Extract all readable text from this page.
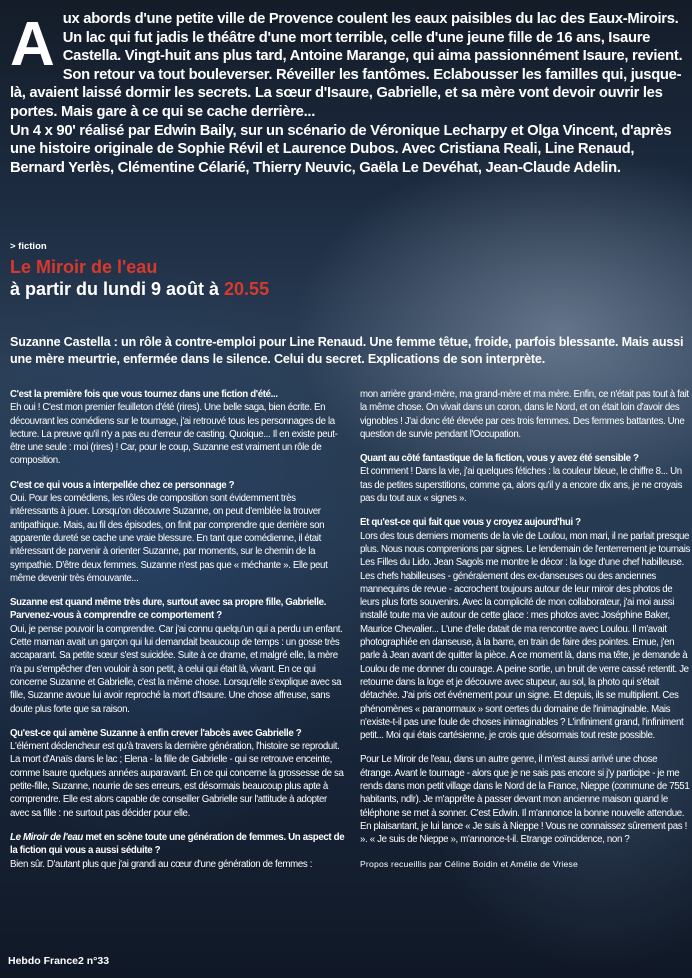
A ux abords d'une petite ville de Provence coulent les eaux paisibles du lac des Eaux-Miroirs. Un lac qui fut jadis le théâtre d'une mort terrible, celle d'une jeune fille de 16 ans, Isaure Castella. Vingt-huit ans plus tard, Antoine Marange, qui aima passionnément Isaure, revient. Son retour va tout bouleverser. Réveiller les fantômes. Eclabousser les familles qui, jusque-là, avaient laissé dormir les secrets. La sœur d'Isaure, Gabrielle, et sa mère vont devoir ouvrir les portes. Mais gare à ce qui se cache derrière...
Un 4 x 90' réalisé par Edwin Baily, sur un scénario de Véronique Lecharpy et Olga Vincent, d'après une histoire originale de Sophie Révil et Laurence Dubos. Avec Cristiana Reali, Line Renaud, Bernard Yerlès, Clémentine Célarié, Thierry Neuvic, Gaëla Le Devéhat, Jean-Claude Adelin.

> fiction

Le Miroir de l'eau

à partir du lundi 9 août à 20.55

Suzanne Castella : un rôle à contre-emploi pour Line Renaud. Une femme têtue, froide, parfois blessante. Mais aussi une mère meurtrie, enfermée dans le silence. Celui du secret. Explications de son interprète.

C'est la première fois que vous tournez dans une fiction d'été...
Eh oui ! C'est mon premier feuilleton d'été (rires). Une belle saga, bien écrite. En découvrant les comédiens sur le tournage, j'ai retrouvé tous les personnages de la lecture. La preuve qu'il n'y a pas eu d'erreur de casting. Quoique... Il en existe peut-être une seule : moi (rires) ! Car, pour le coup, Suzanne est vraiment un rôle de composition.

C'est ce qui vous a interpellée chez ce personnage ?
Oui. Pour les comédiens, les rôles de composition sont évidemment très intéressants à jouer. Lorsqu'on découvre Suzanne, on peut d'emblée la trouver antipathique. Mais, au fil des épisodes, on finit par comprendre que derrière son apparente dureté se cache une vraie blessure. En tant que comédienne, il était intéressant de parvenir à orienter Suzanne, par moments, sur le chemin de la sympathie. D'être deux femmes. Suzanne n'est pas que « méchante ». Elle peut même devenir très émouvante...

Suzanne est quand même très dure, surtout avec sa propre fille, Gabrielle. Parvenez-vous à comprendre ce comportement ?
Oui, je pense pouvoir la comprendre. Car j'ai connu quelqu'un qui a perdu un enfant. Cette maman avait un garçon qui lui demandait beaucoup de temps : un gosse très accaparant. Sa petite sœur s'est suicidée. Suite à ce drame, et malgré elle, la mère n'a pu s'empêcher d'en vouloir à son petit, à celui qui était là, vivant. En ce qui concerne Suzanne et Gabrielle, c'est la même chose. Lorsqu'elle s'explique avec sa fille, Suzanne avoue lui avoir reproché la mort d'Isaure. Une chose affreuse, sans doute plus forte que sa raison.

Qu'est-ce qui amène Suzanne à enfin crever l'abcès avec Gabrielle ?
L'élément déclencheur est qu'à travers la dernière génération, l'histoire se reproduit. La mort d'Anaïs dans le lac ; Elena - la fille de Gabrielle - qui se retrouve enceinte, comme Isaure quelques années auparavant. En ce qui concerne la grossesse de sa petite-fille, Suzanne, nourrie de ses erreurs, est désormais beaucoup plus apte à comprendre. Elle est alors capable de conseiller Gabrielle sur l'attitude à adopter avec sa fille : ne surtout pas décider pour elle.

Le Miroir de l'eau met en scène toute une génération de femmes. Un aspect de la fiction qui vous a aussi séduite ?
Bien sûr. D'autant plus que j'ai grandi au cœur d'une génération de femmes :

mon arrière grand-mère, ma grand-mère et ma mère. Enfin, ce n'était pas tout à fait la même chose. On vivait dans un coron, dans le Nord, et on était loin d'avoir des vignobles ! J'ai donc été élevée par ces trois femmes. Des femmes battantes. Une question de survie pendant l'Occupation.

Quant au côté fantastique de la fiction, vous y avez été sensible ?
Et comment ! Dans la vie, j'ai quelques fétiches : la couleur bleue, le chiffre 8... Un tas de petites superstitions, comme ça, alors qu'il y a encore dix ans, je ne croyais pas du tout aux « signes ».

Et qu'est-ce qui fait que vous y croyez aujourd'hui ?
Lors des tous derniers moments de la vie de Loulou, mon mari, il ne parlait presque plus. Nous nous comprenions par signes. Le lendemain de l'enterrement je tournais Les Filles du Lido. Jean Sagols me montre le décor : la loge d'une chef habilleuse. Les chefs habilleuses - généralement des ex-danseuses ou des anciennes mannequins de revue - accrochent toujours autour de leur miroir des photos de leurs plus forts souvenirs. Avec la complicité de mon collaborateur, j'ai moi aussi installé toute ma vie autour de cette glace : mes photos avec Joséphine Baker, Maurice Chevalier... L'une d'elle datait de ma rencontre avec Loulou. Il m'avait photographiée en danseuse, à la barre, en train de faire des pointes. Emue, j'en parle à Jean avant de quitter la pièce. A ce moment là, dans ma tête, je demande à Loulou de me donner du courage. A peine sortie, un bruit de verre cassé retentit. Je retourne dans la loge et je découvre avec stupeur, au sol, la photo qui s'était détachée. J'ai pris cet événement pour un signe. Et depuis, ils se multiplient. Ces phénomènes « paranormaux » sont certes du domaine de l'inimaginable. Mais n'existe-t-il pas une foule de choses inimaginables ? L'infiniment grand, l'infiniment petit... Moi qui étais cartésienne, je crois que désormais tout reste possible.

Pour Le Miroir de l'eau, dans un autre genre, il m'est aussi arrivé une chose étrange. Avant le tournage - alors que je ne sais pas encore si j'y participe - je me rends dans mon petit village dans le Nord de la France, Nieppe (commune de 7551 habitants, ndlr). Je m'apprête à passer devant mon ancienne maison quand le téléphone se met à sonner. C'est Edwin. Il m'annonce la bonne nouvelle attendue. En plaisantant, je lui lance « Je suis à Nieppe ! Vous ne connaissez sûrement pas ! ». « Je suis de Nieppe », m'annonce-t-il. Etrange coïncidence, non ?

Propos recueillis par Céline Boidin et Amélie de Vriese

Hebdo France2 n°33
